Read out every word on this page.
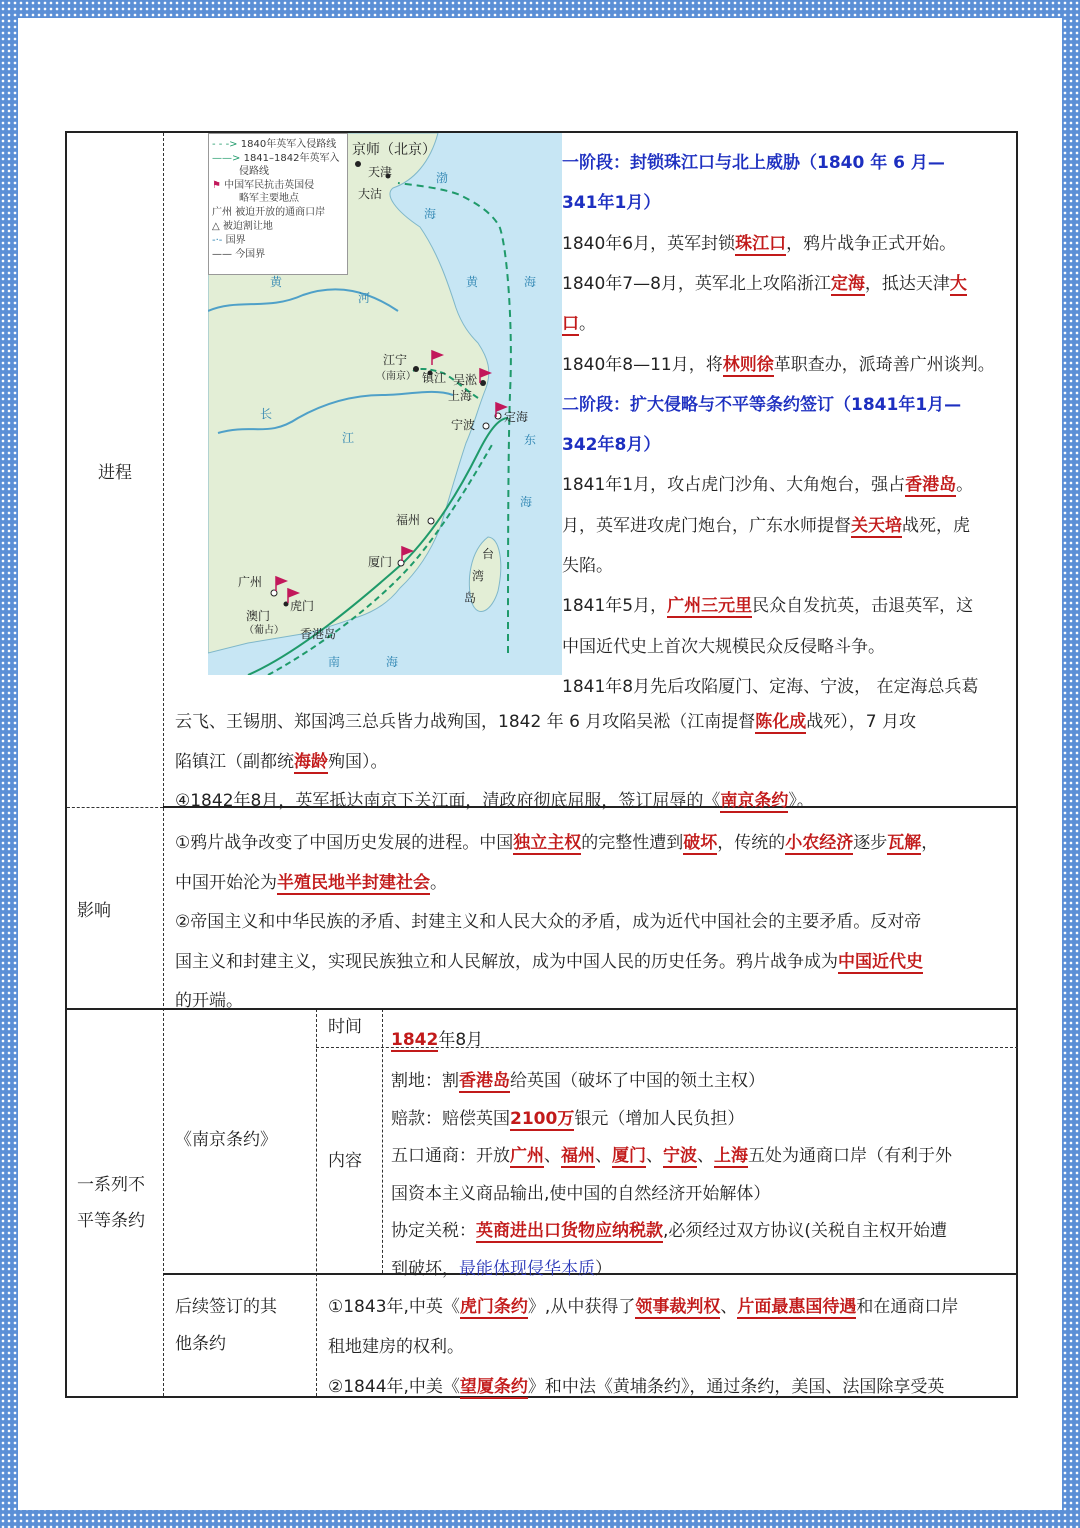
进程
- - -> 1840年英军入侵路线
——> 1841–1842年英军入
侵路线
⚑ 中国军民抗击英国侵
略军主要地点
广州 被迫开放的通商口岸
△ 被迫割让地
-·- 国界
—— 今国界
京师（北京）
天津
大沽
江宁
（南京） 镇江 吴淞
上海
宁波
定海
福州
厦门
广州
虎门
澳门
（葡占） 香港岛
渤
海
黄	海
东
海
南	海
台
湾
岛
黄
河
长
江
一阶段：封锁珠江口与北上威胁（1840 年 6 月—
341年1月）
1840年6月，英军封锁珠江口，鸦片战争正式开始。
1840年7—8月，英军北上攻陷浙江定海，抵达天津大
口。
1840年8—11月，将林则徐革职查办，派琦善广州谈判。
二阶段：扩大侵略与不平等条约签订（1841年1月—
342年8月）
1841年1月，攻占虎门沙角、大角炮台，强占香港岛。
月，英军进攻虎门炮台，广东水师提督关天培战死，虎
失陷。
1841年5月，广州三元里民众自发抗英，击退英军，这
中国近代史上首次大规模民众反侵略斗争。
1841年8月先后攻陷厦门、定海、宁波， 在定海总兵葛
云飞、王锡朋、郑国鸿三总兵皆力战殉国，1842 年 6 月攻陷吴淞（江南提督陈化成战死），7 月攻
陷镇江（副都统海龄殉国）。
④1842年8月，英军抵达南京下关江面，清政府彻底屈服，签订屈辱的《南京条约》。
影响
①鸦片战争改变了中国历史发展的进程。中国独立主权的完整性遭到破坏，传统的小农经济逐步瓦解，
中国开始沦为半殖民地半封建社会。
②帝国主义和中华民族的矛盾、封建主义和人民大众的矛盾，成为近代中国社会的主要矛盾。反对帝
国主义和封建主义，实现民族独立和人民解放，成为中国人民的历史任务。鸦片战争成为中国近代史
的开端。
一系列不
平等条约
《南京条约》
时间
内容
1842年8月
割地：割香港岛给英国（破坏了中国的领土主权）
赔款：赔偿英国2100万银元（增加人民负担）
五口通商：开放广州、福州、厦门、宁波、上海五处为通商口岸（有利于外
国资本主义商品输出,使中国的自然经济开始解体）
协定关税：英商进出口货物应纳税款,必须经过双方协议(关税自主权开始遭
到破坏，最能体现侵华本质）
后续签订的其
他条约
①1843年,中英《虎门条约》,从中获得了领事裁判权、片面最惠国待遇和在通商口岸
租地建房的权利。
②1844年,中美《望厦条约》和中法《黄埔条约》，通过条约，美国、法国除享受英
